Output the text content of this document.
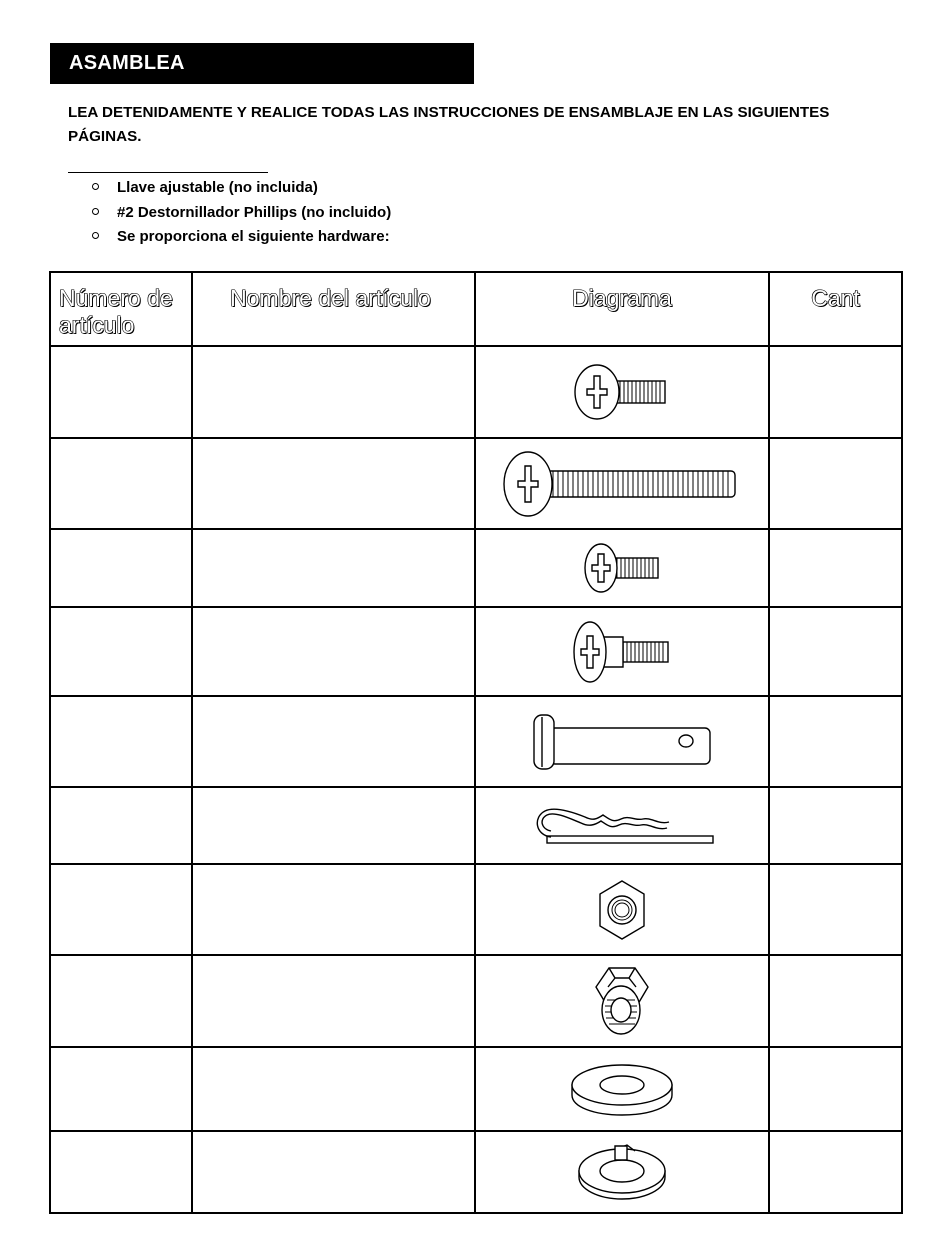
ASAMBLEA
LEA DETENIDAMENTE Y REALICE TODAS LAS INSTRUCCIONES DE ENSAMBLAJE EN LAS SIGUIENTES PÁGINAS.
Llave ajustable (no incluida)
#2 Destornillador Phillips (no incluido)
Se proporciona el siguiente hardware:
Número de artículo	Nombre del artículo	Diagrama	Cant
